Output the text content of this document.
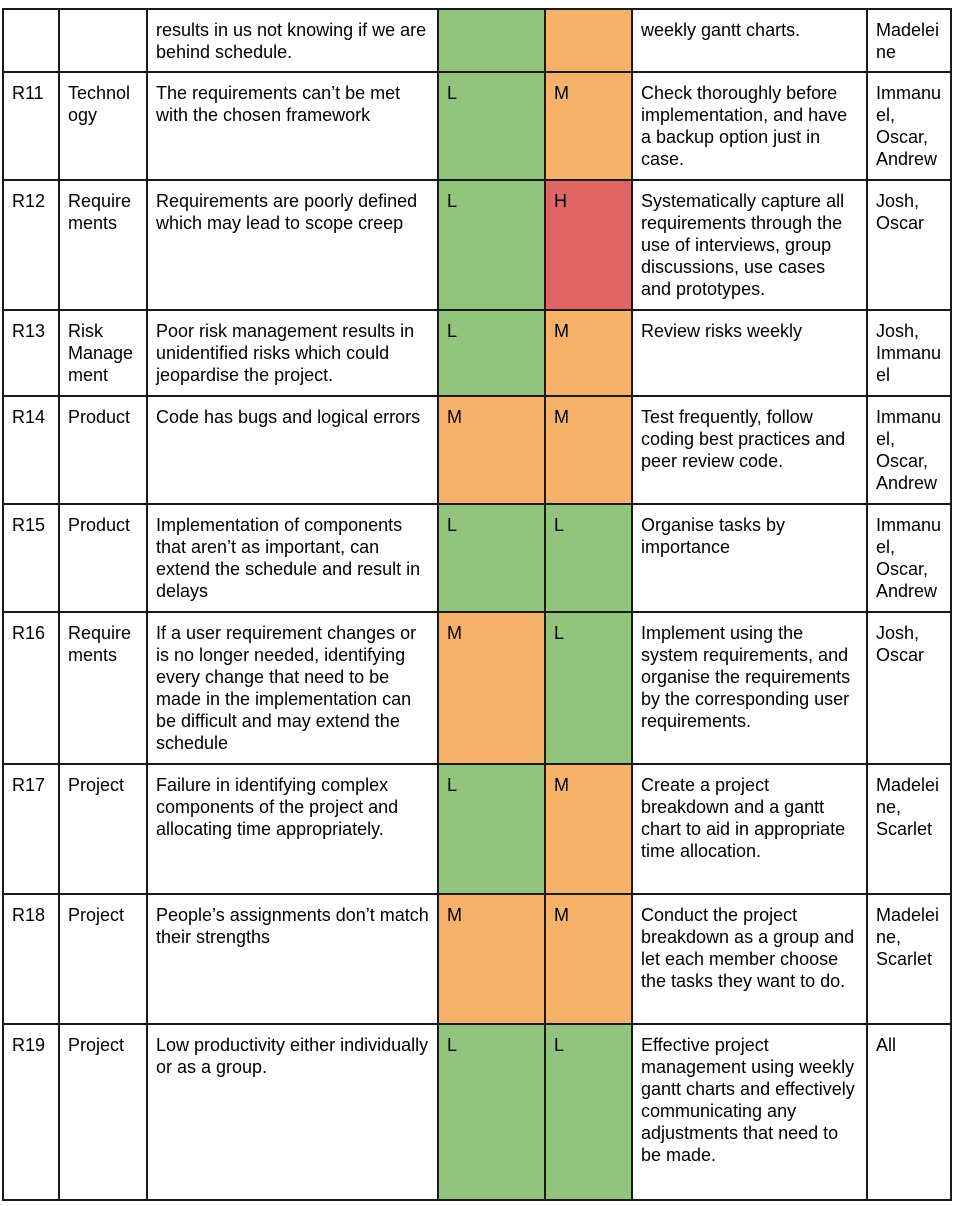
		results in us not knowing if we are behind schedule.			weekly gantt charts.	Madeleine
R11	Technology	The requirements can’t be met with the chosen framework	L	M	Check thoroughly before implementation, and have a backup option just in case.	Immanuel, Oscar, Andrew
R12	Requirements	Requirements are poorly defined which may lead to scope creep	L	H	Systematically capture all requirements through the use of interviews, group discussions, use cases and prototypes.	Josh, Oscar
R13	Risk Management	Poor risk management results in unidentified risks which could jeopardise the project.	L	M	Review risks weekly	Josh, Immanuel
R14	Product	Code has bugs and logical errors	M	M	Test frequently, follow coding best practices and peer review code.	Immanuel, Oscar, Andrew
R15	Product	Implementation of components that aren’t as important, can extend the schedule and result in delays	L	L	Organise tasks by importance	Immanuel, Oscar, Andrew
R16	Requirements	If a user requirement changes or is no longer needed, identifying every change that need to be made in the implementation can be difficult and may extend the schedule	M	L	Implement using the system requirements, and organise the requirements by the corresponding user requirements.	Josh, Oscar
R17	Project	Failure in identifying complex components of the project and allocating time appropriately.	L	M	Create a project breakdown and a gantt chart to aid in appropriate time allocation.	Madeleine, Scarlet
R18	Project	People’s assignments don’t match their strengths	M	M	Conduct the project breakdown as a group and let each member choose the tasks they want to do.	Madeleine, Scarlet
R19	Project	Low productivity either individually or as a group.	L	L	Effective project management using weekly gantt charts and effectively communicating any adjustments that need to be made.	All
